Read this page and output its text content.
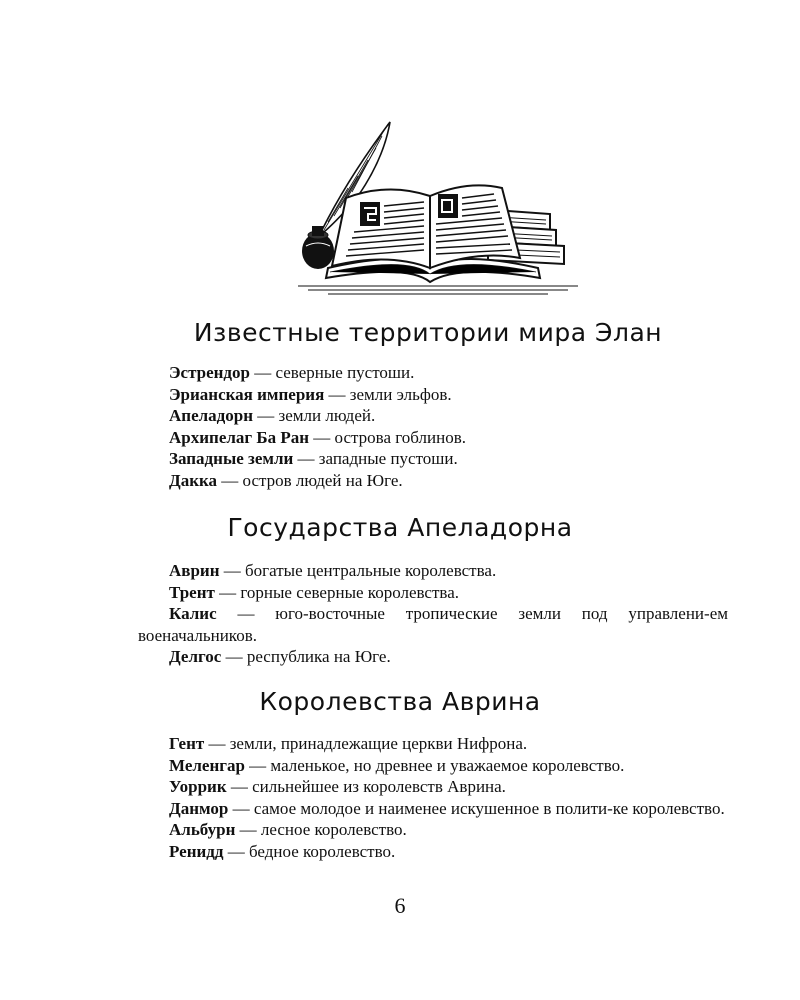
Известные территории мира Элан
Эстрендор — северные пустоши.
Эрианская империя — земли эльфов.
Апеладорн — земли людей.
Архипелаг Ба Ран — острова гоблинов.
Западные земли — западные пустоши.
Дакка — остров людей на Юге.
Государства Апеладорна
Аврин — богатые центральные королевства.
Трент — горные северные королевства.
Калис — юго-восточные тропические земли под управлени-ем военачальников.
Делгос — республика на Юге.
Королевства Аврина
Гент — земли, принадлежащие церкви Нифрона.
Меленгар — маленькое, но древнее и уважаемое королевство.
Уоррик — сильнейшее из королевств Аврина.
Данмор — самое молодое и наименее искушенное в полити-ке королевство.
Альбурн — лесное королевство.
Ренидд — бедное королевство.
6
